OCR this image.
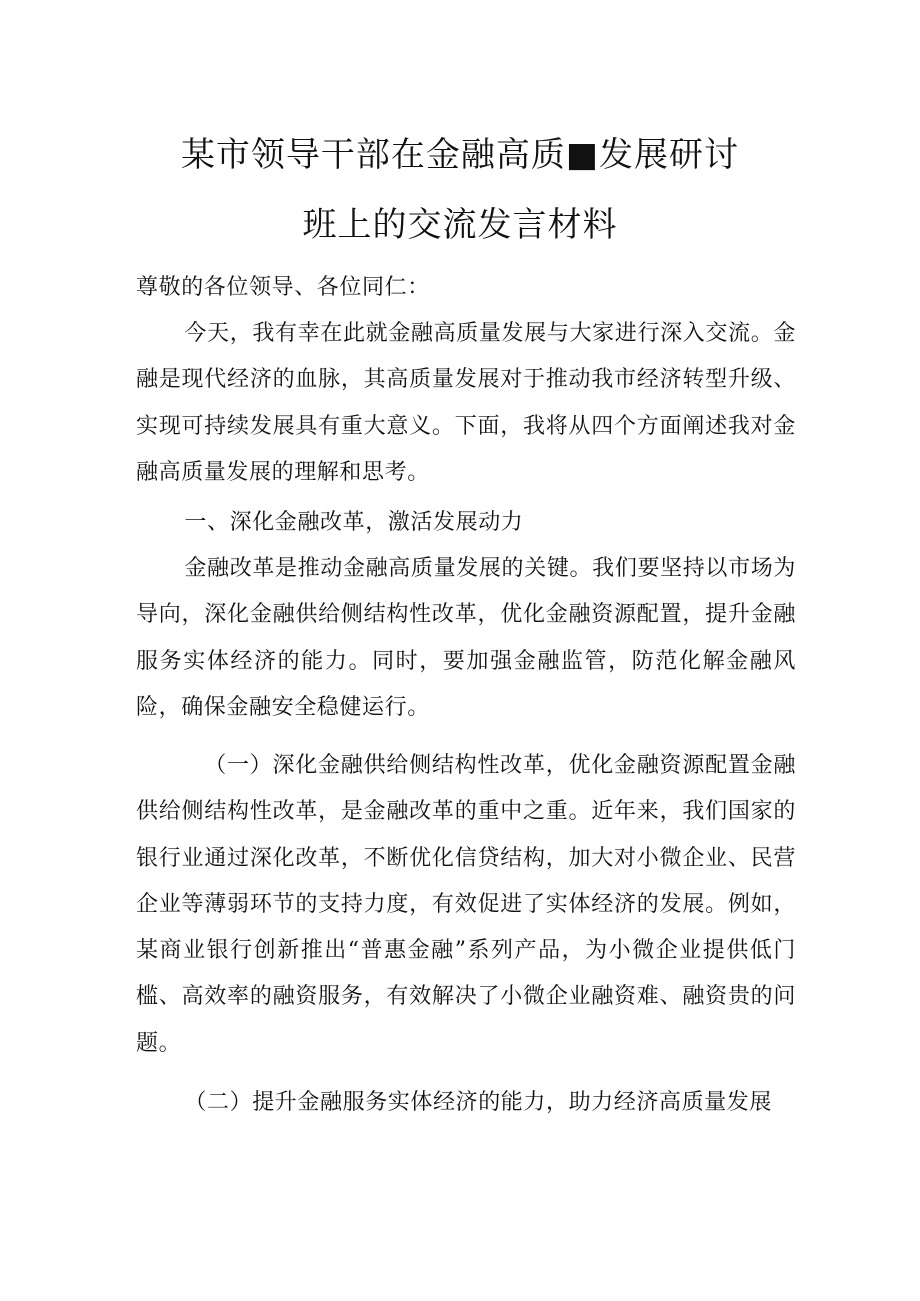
某市领导干部在金融高质■发展研讨
班上的交流发言材料

尊敬的各位领导、各位同仁：

今天，我有幸在此就金融高质量发展与大家进行深入交流。金融是现代经济的血脉，其高质量发展对于推动我市经济转型升级、实现可持续发展具有重大意义。下面，我将从四个方面阐述我对金融高质量发展的理解和思考。

一、深化金融改革，激活发展动力

金融改革是推动金融高质量发展的关键。我们要坚持以市场为导向，深化金融供给侧结构性改革，优化金融资源配置，提升金融服务实体经济的能力。同时，要加强金融监管，防范化解金融风险，确保金融安全稳健运行。

（一）深化金融供给侧结构性改革，优化金融资源配置金融供给侧结构性改革，是金融改革的重中之重。近年来，我们国家的银行业通过深化改革，不断优化信贷结构，加大对小微企业、民营企业等薄弱环节的支持力度，有效促进了实体经济的发展。例如，某商业银行创新推出“普惠金融”系列产品，为小微企业提供低门槛、高效率的融资服务，有效解决了小微企业融资难、融资贵的问题。

（二）提升金融服务实体经济的能力，助力经济高质量发展
